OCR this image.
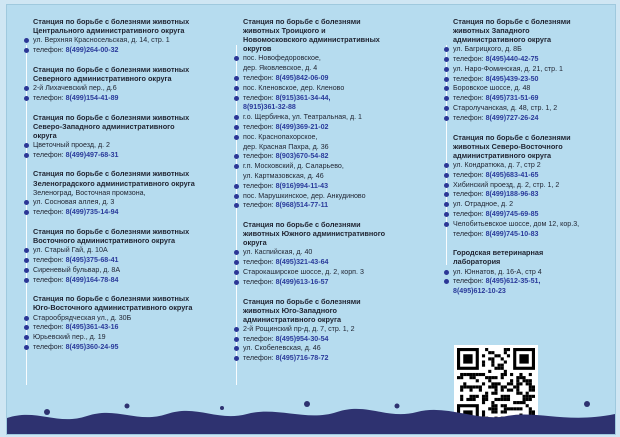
Станция по борьбе с болезнями животных
Центрального административного округа
ул. Верхняя Красносельская, д. 14, стр. 1
телефон: 8(499)264-00-32
Станция по борьбе с болезнями животных
Северного административного округа
2-й Лихачевский пер., д.6
телефон: 8(499)154-41-89
Станция по борьбе с болезнями животных
Северо-Западного административного
округа
Цветочный проезд, д. 2
телефон: 8(499)497-68-31
Станция по борьбе с болезнями животных
Зеленоградского административного округа
Зеленоград, Восточная промзона,
ул. Сосновая аллея, д. 3
телефон: 8(499)735-14-94
Станция по борьбе с болезнями животных
Восточного административного округа
ул. Старый Гай, д. 10А
телефон: 8(495)375-68-41
Сиреневый бульвар, д. 8А
телефон: 8(499)164-78-84
Станция по борьбе с болезнями животных
Юго-Восточного административного округа
Старообрядческая ул., д. 30Б
телефон: 8(495)361-43-16
Юрьевский пер., д. 19
телефон: 8(495)360-24-95
Станция по борьбе с болезнями
животных Троицкого и
Новомосковского административных
округов
пос. Новофедоровское,
дер. Яковлевское, д. 4
телефон: 8(495)842-06-09
пос. Кленовское, дер. Кленово
телефон: 8(915)361-34-44,
8(915)361-32-88
г.о. Щербинка, ул. Театральная, д. 1
телефон: 8(499)369-21-02
пос. Краснопахорское,
дер. Красная Пахра, д. 36
телефон: 8(903)670-54-82
г.п. Московский, д. Саларьево,
ул. Картмазовская, д. 46
телефон: 8(916)994-11-43
пос. Марушкинское, дер. Анкудиново
телефон: 8(968)514-77-11
Станция по борьбе с болезнями
животных Южного административного
округа
ул. Каспийская, д. 40
телефон: 8(495)321-43-64
Старокаширское шоссе, д. 2, корп. 3
телефон: 8(499)613-16-57
Станция по борьбе с болезнями
животных Юго-Западного
административного округа
2-й Рощинский пр-д, д. 7, стр. 1, 2
телефон: 8(495)954-30-54
ул. Скобелевская, д. 46
телефон: 8(495)716-78-72
Станция по борьбе с болезнями
животных Западного
административного округа
ул. Багрицкого, д. 8Б
телефон: 8(495)440-42-75
ул. Наро-Фоминская, д. 21, стр. 1
телефон: 8(495)439-23-50
Боровское шоссе, д. 48
телефон: 8(495)731-51-69
Старолучанская, д. 48, стр. 1, 2
телефон: 8(499)727-26-24
Станция по борьбе с болезнями
животных Северо-Восточного
административного округа
ул. Кондратюка, д. 7, стр 2
телефон: 8(495)683-41-65
Хибинский проезд, д. 2, стр. 1, 2
телефон: 8(499)188-96-83
ул. Отрадное, д. 2
телефон: 8(499)745-69-85
Челобитьевское шоссе, дом 12, кор.3,
телефон: 8(499)745-10-83
Городская ветеринарная
лаборатория
ул. Юннатов, д. 16-А, стр 4
телефон: 8(495)612-35-51,
8(495)612-10-23
